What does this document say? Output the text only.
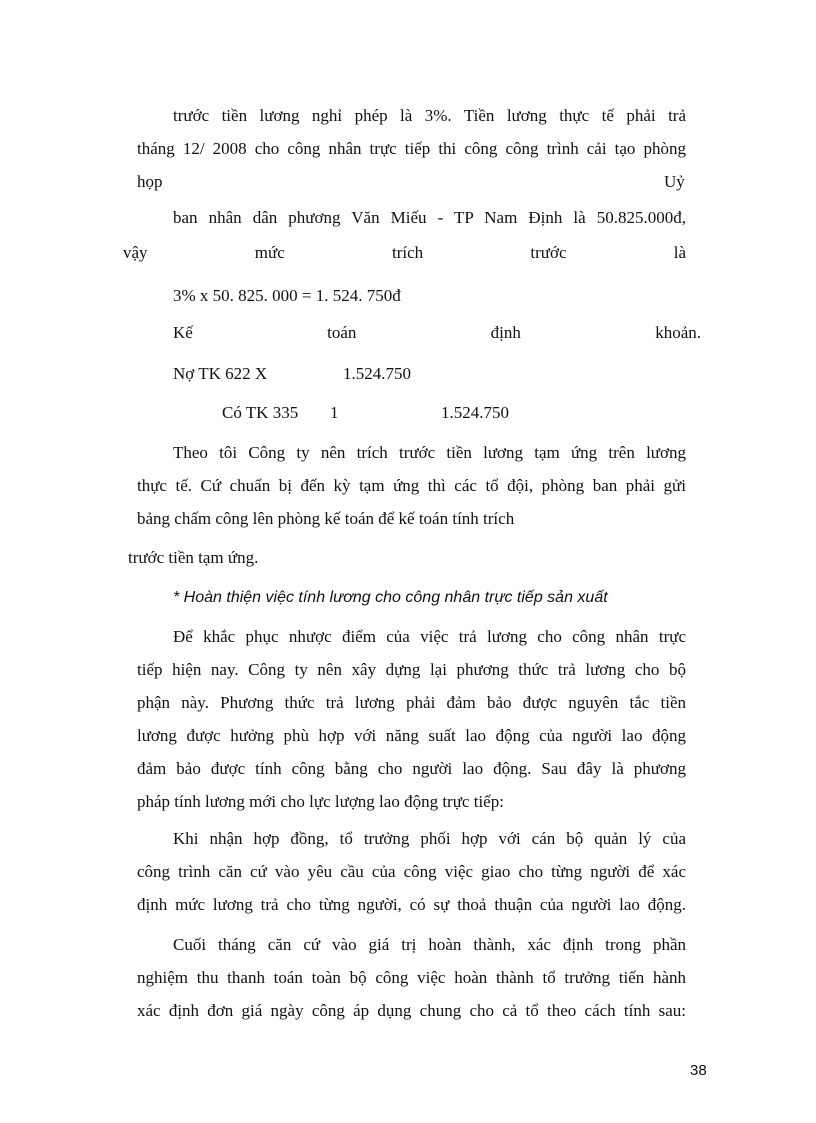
trước tiền lương nghỉ phép là 3%. Tiền lương thực tế phải trả
tháng 12/ 2008 cho công nhân trực tiếp thi công công trình cải tạo phòng
họp	Uỷ
ban nhân dân phương Văn Miếu - TP Nam Định là 50.825.000đ,
vậy mức trích trước là
3% x 50. 825. 000 = 1. 524. 750đ
Kế toán định khoản.
Nợ TK 622 X	1.524.750
Có TK 335 1	1.524.750
Theo tôi Công ty nên trích trước tiền lương tạm ứng trên lương
thực tế. Cứ chuẩn bị đến kỳ tạm ứng thì các tổ đội, phòng ban phải gửi
bảng chấm công lên phòng kế toán để kế toán tính trích
trước tiền tạm ứng.
* Hoàn thiện việc tính lương cho công nhân trực tiếp sản xuất
Để khắc phục nhược điểm của việc trả lương cho công nhân trực
tiếp hiện nay. Công ty nên xây dựng lại phương thức trả lương cho bộ
phận này. Phương thức trả lương phải đảm bảo được nguyên tắc tiền
lương được hưởng phù hợp với năng suất lao động của người lao động
đảm bảo được tính công bằng cho người lao động. Sau đây là phương
pháp tính lương mới cho lực lượng lao động trực tiếp:
Khi nhận hợp đồng, tổ trưởng phối hợp với cán bộ quản lý của
công trình căn cứ vào yêu cầu của công việc giao cho từng người để xác
định mức lương trả cho từng người, có sự thoả thuận của người lao động.
Cuối tháng căn cứ vào giá trị hoàn thành, xác định trong phần
nghiệm thu thanh toán toàn bộ công việc hoàn thành tổ trưởng tiến hành
xác định đơn giá ngày công áp dụng chung cho cả tổ theo cách tính sau:
38
